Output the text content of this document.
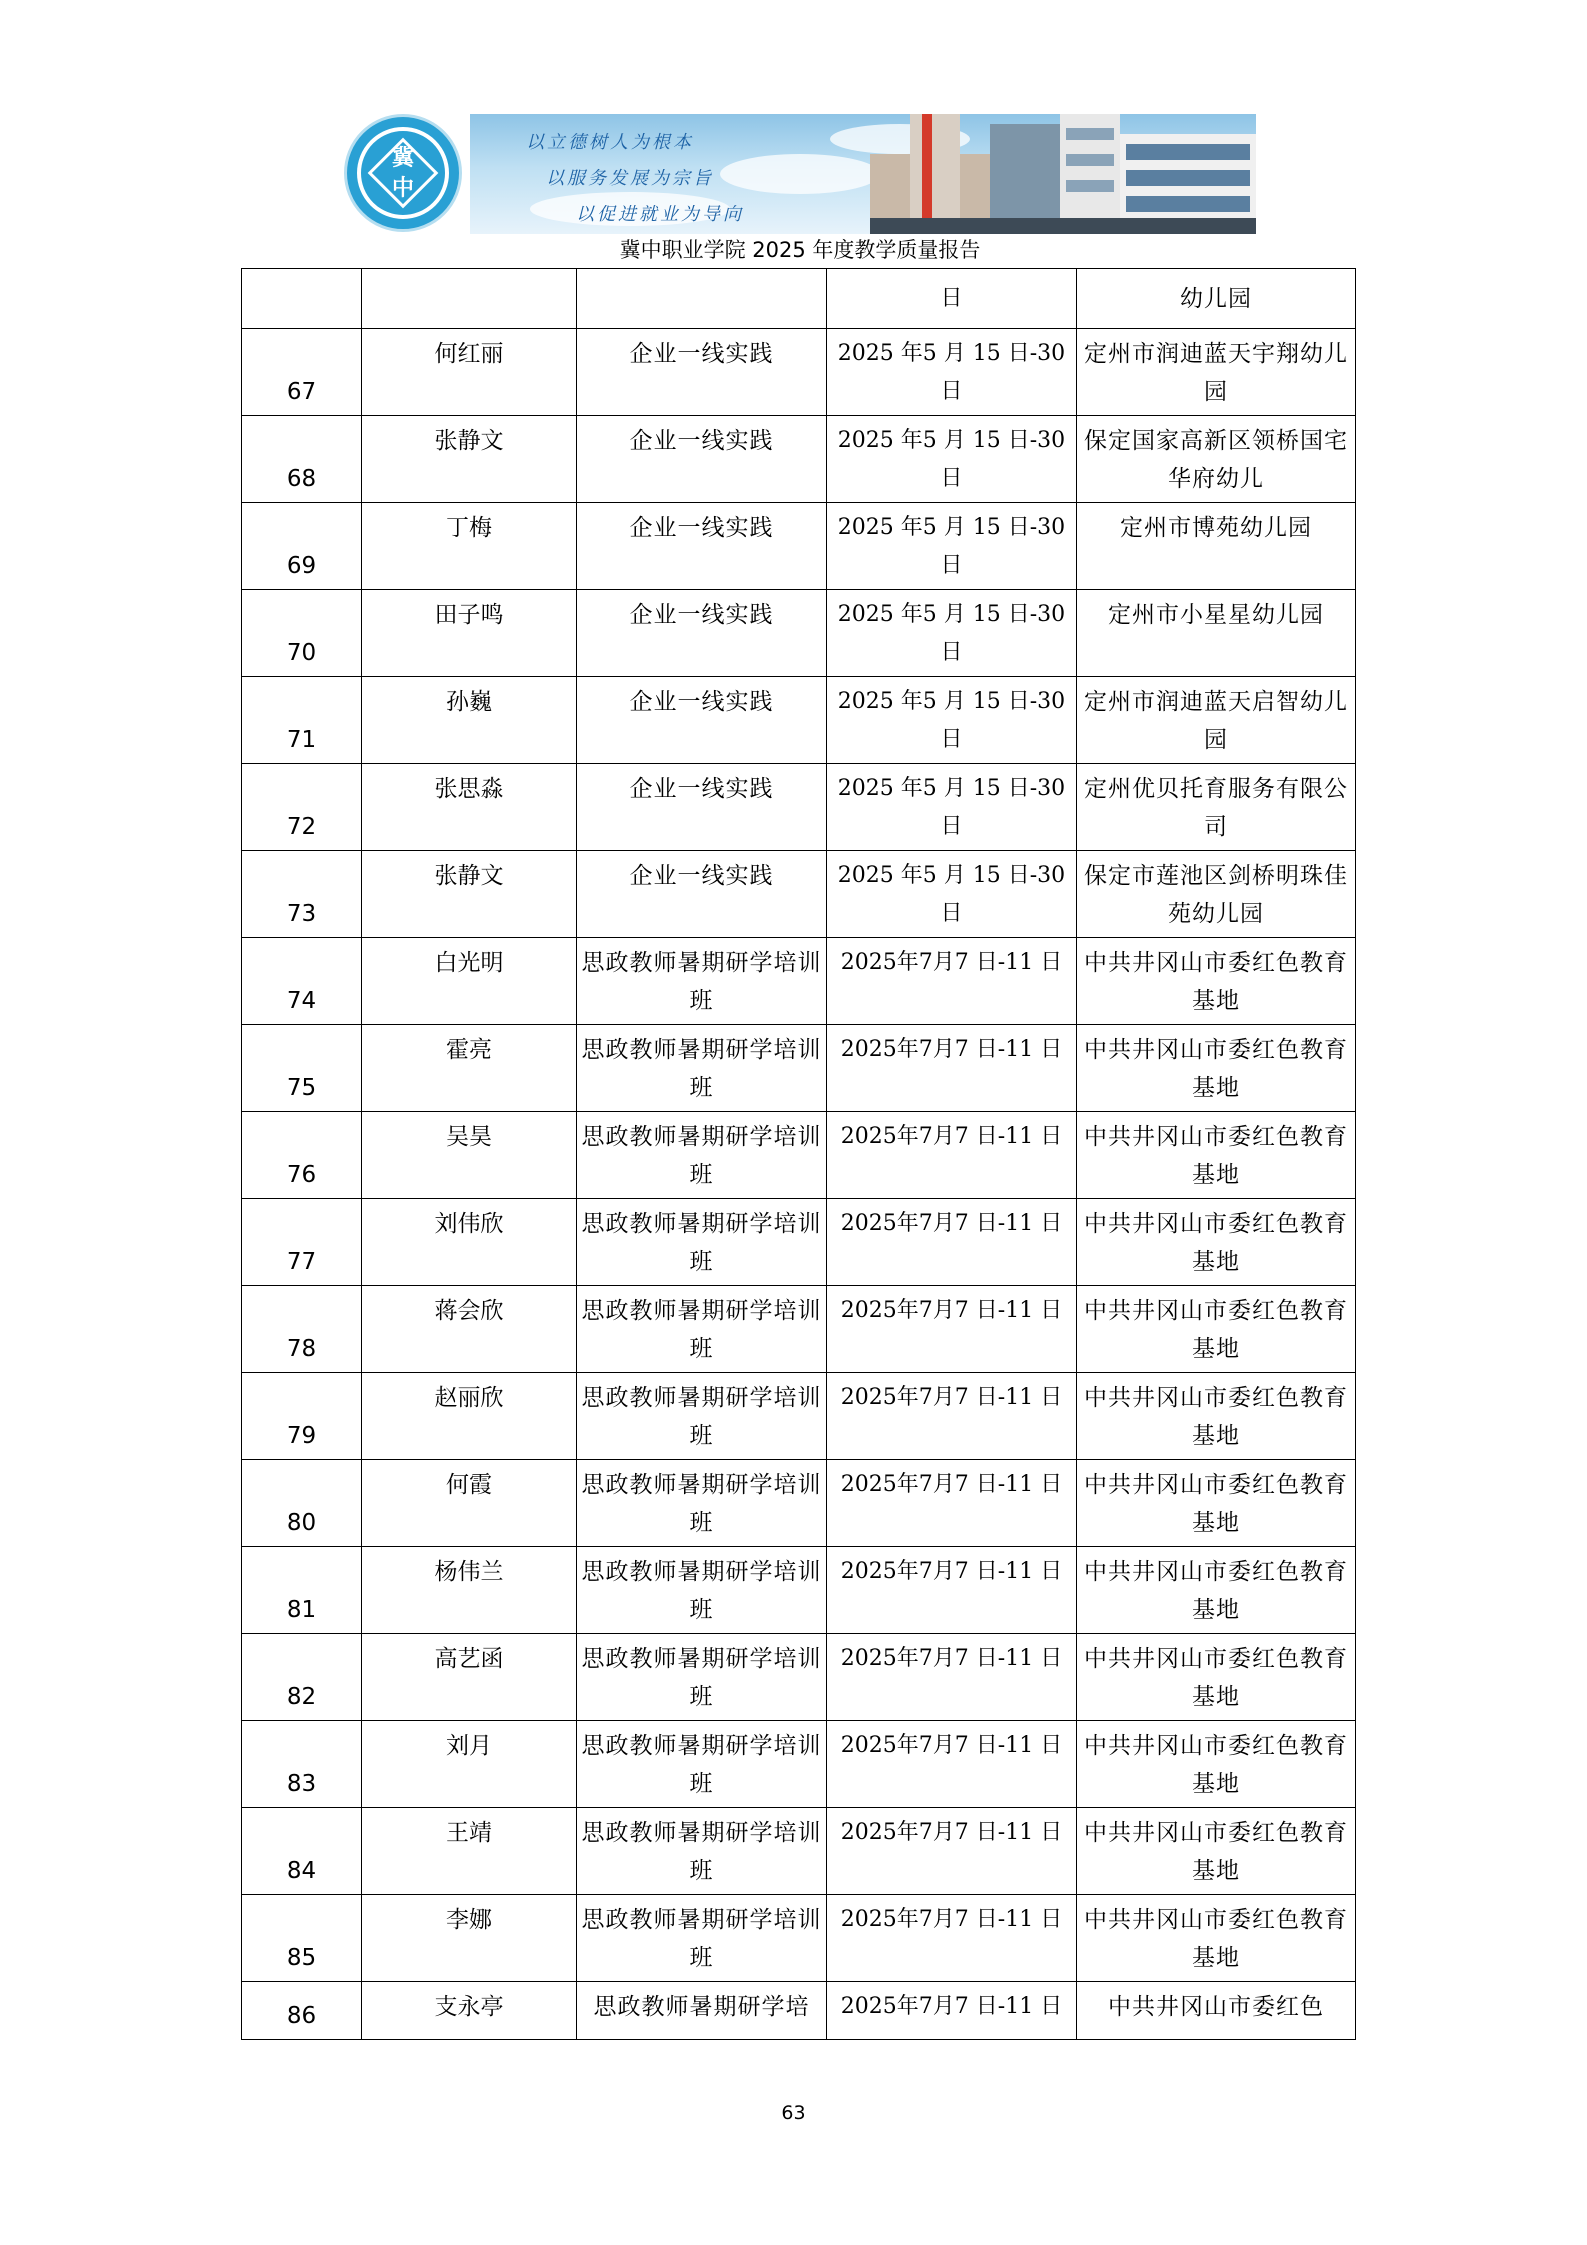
冀
中
以立德树人为根本
以服务发展为宗旨
以促进就业为导向
冀中职业学院 2025 年度教学质量报告
			日	幼儿园
67	何红丽	企业一线实践	2025 年5 月 15 日-30 日	定州市润迪蓝天宇翔幼儿园
68	张静文	企业一线实践	2025 年5 月 15 日-30 日	保定国家高新区领桥国宅华府幼儿
69	丁梅	企业一线实践	2025 年5 月 15 日-30 日	定州市博苑幼儿园
70	田子鸣	企业一线实践	2025 年5 月 15 日-30 日	定州市小星星幼儿园
71	孙巍	企业一线实践	2025 年5 月 15 日-30 日	定州市润迪蓝天启智幼儿园
72	张思淼	企业一线实践	2025 年5 月 15 日-30 日	定州优贝托育服务有限公司
73	张静文	企业一线实践	2025 年5 月 15 日-30 日	保定市莲池区剑桥明珠佳苑幼儿园
74	白光明	思政教师暑期研学培训班	2025年7月7 日-11 日	中共井冈山市委红色教育基地
75	霍亮	思政教师暑期研学培训班	2025年7月7 日-11 日	中共井冈山市委红色教育基地
76	吴昊	思政教师暑期研学培训班	2025年7月7 日-11 日	中共井冈山市委红色教育基地
77	刘伟欣	思政教师暑期研学培训班	2025年7月7 日-11 日	中共井冈山市委红色教育基地
78	蒋会欣	思政教师暑期研学培训班	2025年7月7 日-11 日	中共井冈山市委红色教育基地
79	赵丽欣	思政教师暑期研学培训班	2025年7月7 日-11 日	中共井冈山市委红色教育基地
80	何霞	思政教师暑期研学培训班	2025年7月7 日-11 日	中共井冈山市委红色教育基地
81	杨伟兰	思政教师暑期研学培训班	2025年7月7 日-11 日	中共井冈山市委红色教育基地
82	高艺函	思政教师暑期研学培训班	2025年7月7 日-11 日	中共井冈山市委红色教育基地
83	刘月	思政教师暑期研学培训班	2025年7月7 日-11 日	中共井冈山市委红色教育基地
84	王靖	思政教师暑期研学培训班	2025年7月7 日-11 日	中共井冈山市委红色教育基地
85	李娜	思政教师暑期研学培训班	2025年7月7 日-11 日	中共井冈山市委红色教育基地
86	支永亭	思政教师暑期研学培	2025年7月7 日-11 日	中共井冈山市委红色
63
